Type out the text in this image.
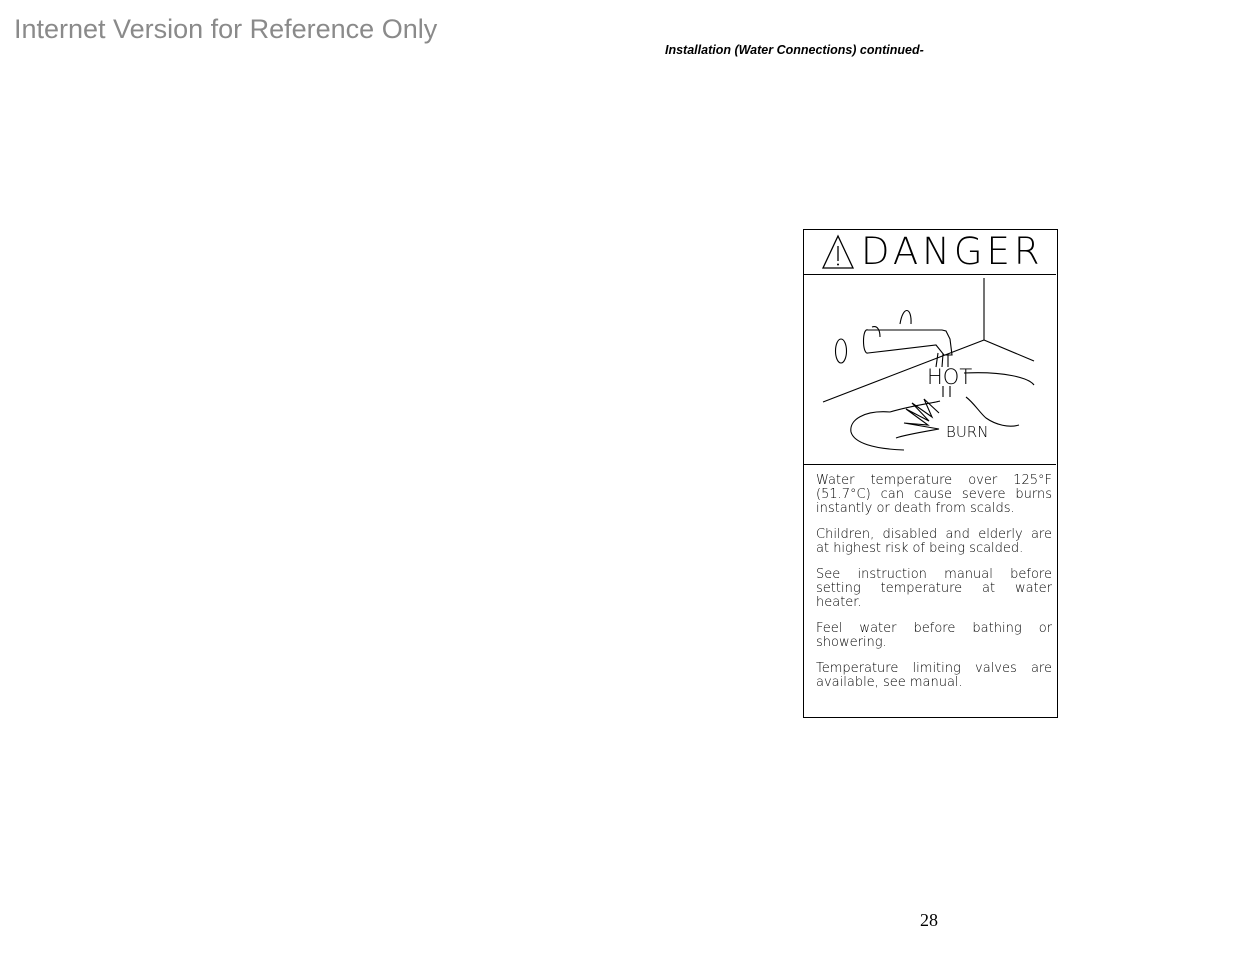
Internet Version for Reference Only
Installation (Water Connections) continued-
DANGER
HOT
BURN

Water temperature over 125°F (51.7°C) can cause severe burns instantly or death from scalds.

Children, disabled and elderly are at highest risk of being scalded.

See instruction manual before setting temperature at water heater.

Feel water before bathing or showering.

Temperature limiting valves are available, see manual.

28
